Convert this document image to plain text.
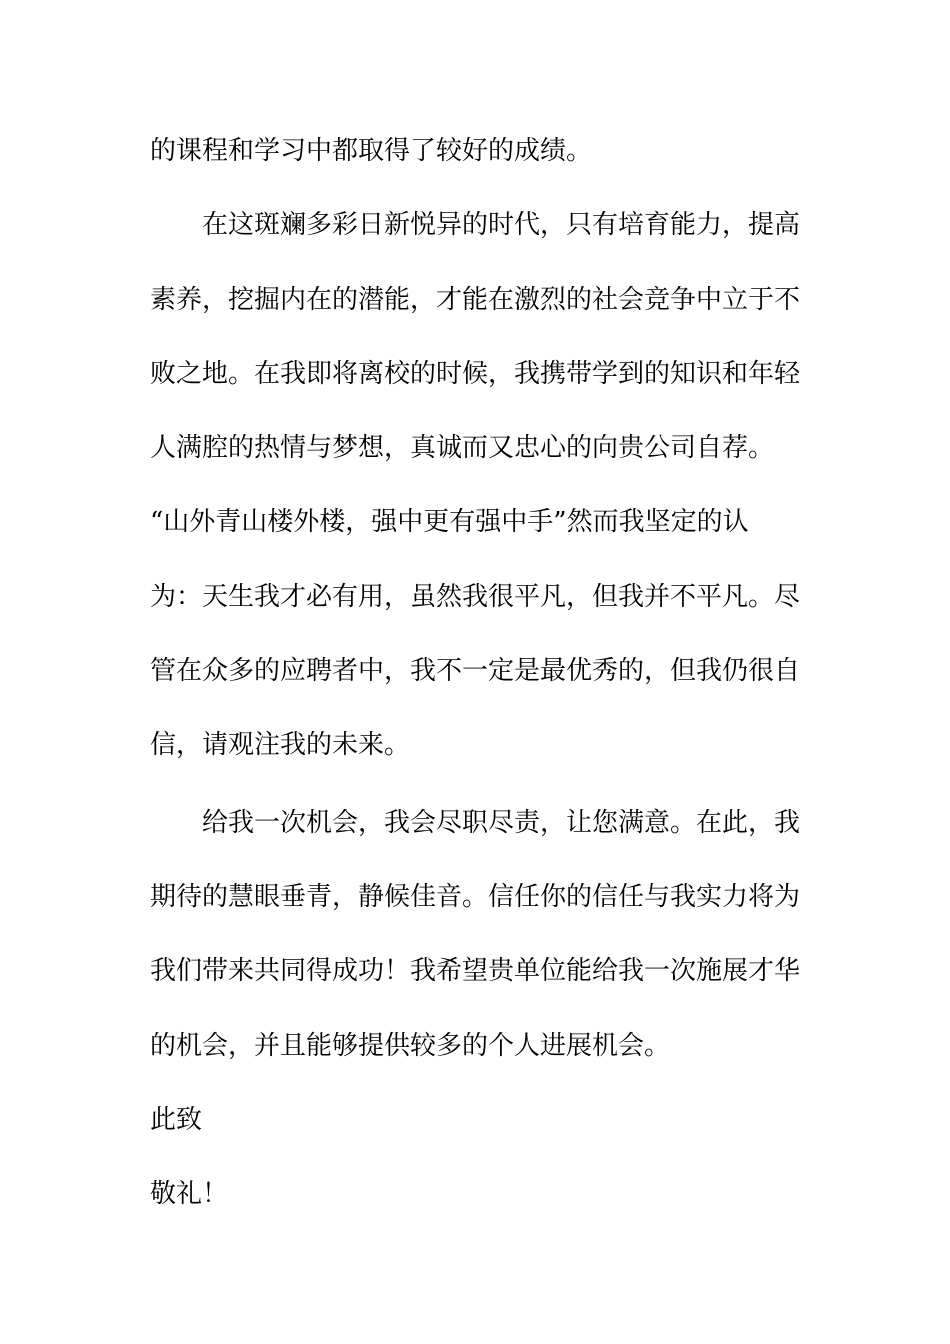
的课程和学习中都取得了较好的成绩。
在这斑斓多彩日新悦异的时代，只有培育能力，提高
素养，挖掘内在的潜能，才能在激烈的社会竞争中立于不
败之地。在我即将离校的时候，我携带学到的知识和年轻
人满腔的热情与梦想，真诚而又忠心的向贵公司自荐。
“山外青山楼外楼，强中更有强中手”然而我坚定的认
为：天生我才必有用，虽然我很平凡，但我并不平凡。尽
管在众多的应聘者中，我不一定是最优秀的，但我仍很自
信，请观注我的未来。
给我一次机会，我会尽职尽责，让您满意。在此，我
期待的慧眼垂青，静候佳音。信任你的信任与我实力将为
我们带来共同得成功！我希望贵单位能给我一次施展才华
的机会，并且能够提供较多的个人进展机会。
此致
敬礼！
